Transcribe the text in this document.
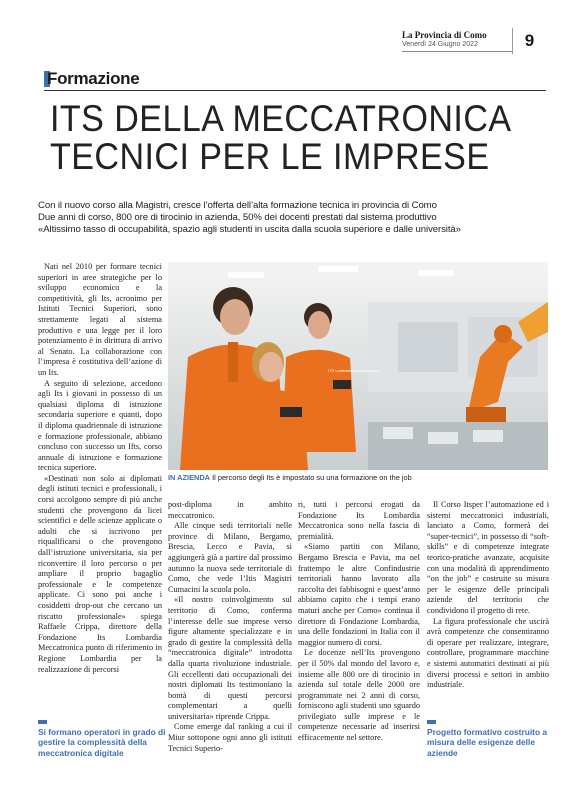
La Provincia di Como
Venerdì 24 Giugno 2022	9
Formazione
ITS DELLA MECCATRONICA
TECNICI PER LE IMPRESE
Con il nuovo corso alla Magistri, cresce l’offerta dell’alta formazione tecnica in provincia di Como
Due anni di corso, 800 ore di tirocinio in azienda, 50% dei docenti prestati dal sistema produttivo
«Altissimo tasso di occupabilità, spazio agli studenti in uscita dalla scuola superiore e dalle università»

Nati nel 2010 per formare tecnici superiori in aree strategiche per lo sviluppo economico e la competitività, gli Its, acronimo per Istituti Tecnici Superiori, sono strettamente legati al sistema produttivo e una legge per il loro potenziamento è in dirittura di arrivo al Senato. La collaborazione con l’impresa è costitutiva dell’azione di un Its.

A seguito di selezione, accedono agli Its i giovani in possesso di un qualsiasi diploma di istruzione secondaria superiore e quanti, dopo il diploma quadriennale di istruzione e formazione professionale, abbiano concluso con successo un Ifts, corso annuale di istruzione e formazione tecnica superiore.

«Destinati non solo ai diplomati degli istituti tecnici e professionali, i corsi accolgono sempre di più anche studenti che provengono da licei scientifici e delle scienze applicate o adulti che si iscrivono per riqualificarsi o che provengono dall’istruzione universitaria, sia per riconvertire il loro percorso o per ampliare il proprio bagaglio professionale e le competenze applicate. Ci sono poi anche i cosiddetti drop-out che cercano un riscatto professionale» spiega Raffaele Crippa, direttore della Fondazione Its Lombardia Meccatronica punto di riferimento in Regione Lombardia per la realizzazione di percorsi

ITS Lombardia Meccatronica
IN AZIENDA Il percorso degli Its è impostato su una formazione on the job

post-diploma in ambito meccatronico.

Alle cinque sedi territoriali nelle province di Milano, Bergamo, Brescia, Lecco e Pavia, si aggiungerà già a partire dal prossimo autunno la nuova sede territoriale di Como, che vede l’Itis Magistri Cumacini la scuola polo.

«Il nostro coinvolgimento sul territorio di Como, conferma l’interesse delle sue imprese verso figure altamente specializzate e in grado di gestire la complessità della “meccatronica digitale” introdotta dalla quarta rivoluzione industriale. Gli eccellenti dati occupazionali dei nostri diplomati Its testimoniano la bontà di questi percorsi complementari a quelli universitaria» riprende Crippa.

Come emerge dal ranking a cui il Miur sottopone ogni anno gli istituti Tecnici Superio-

ri, tutti i percorsi erogati da Fondazione Its Lombardia Meccatronica sono nella fascia di premialità.

«Siamo partiti con Milano, Bergamo Brescia e Pavia, ma nel frattempo le altre Confindustrie territoriali hanno lavorato alla raccolta dei fabbisogni e quest’anno abbiamo capito che i tempi erano maturi anche per Como» continua il direttore di Fondazione Lombardia, una delle fondazioni in Italia con il maggior numero di corsi.

Le docenze nell’Its provengono per il 50% dal mondo del lavoro e, insieme alle 800 ore di tirocinio in azienda sul totale delle 2000 ore programmate nei 2 anni di corso, forniscono agli studenti uno sguardo privilegiato sulle imprese e le competenze necessarie ad inserirsi efficacemente nel settore.

Il Corso Itsper l’automazione ed i sistemi meccatronici industriali, lanciato a Como, formerà dei “super-tecnici”, in possesso di “soft-skills” e di competenze integrate teorico-pratiche avanzate, acquisite con una modalità di apprendimento “on the job” e costruite su misura per le esigenze delle principali aziende del territorio che condividono il progetto di rete.

La figura professionale che uscirà avrà competenze che consentiranno di operare per realizzare, integrare, controllare, programmare macchine e sistemi automatici destinati ai più diversi processi e settori in ambito industriale.

Si formano operatori in grado di gestire la complessità della meccatronica digitale
Progetto formativo costruito a misura delle esigenze delle aziende
